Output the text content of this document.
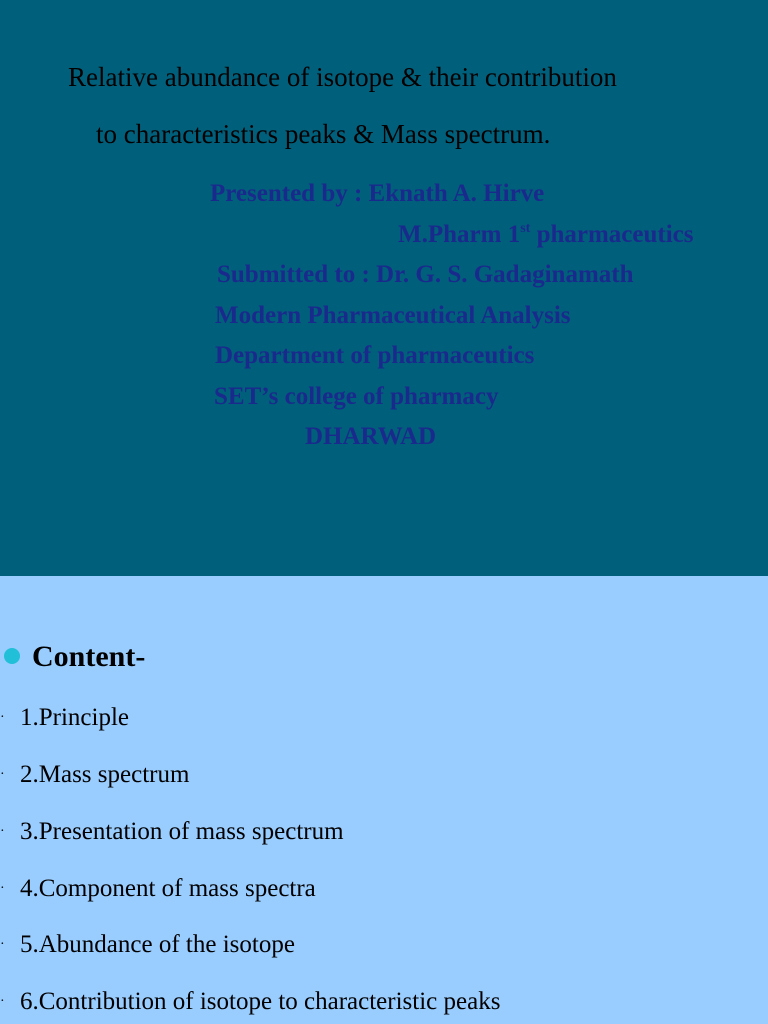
Relative abundance of isotope & their contribution
to characteristics peaks & Mass spectrum.
Presented by : Eknath A. Hirve
M.Pharm 1st pharmaceutics
Submitted to : Dr. G. S. Gadaginamath
Modern Pharmaceutical Analysis
Department of pharmaceutics
SET’s college of pharmacy
DHARWAD
Content-
· 1.Principle
· 2.Mass spectrum
· 3.Presentation of mass spectrum
· 4.Component of mass spectra
· 5.Abundance of the isotope
· 6.Contribution of isotope to characteristic peaks
